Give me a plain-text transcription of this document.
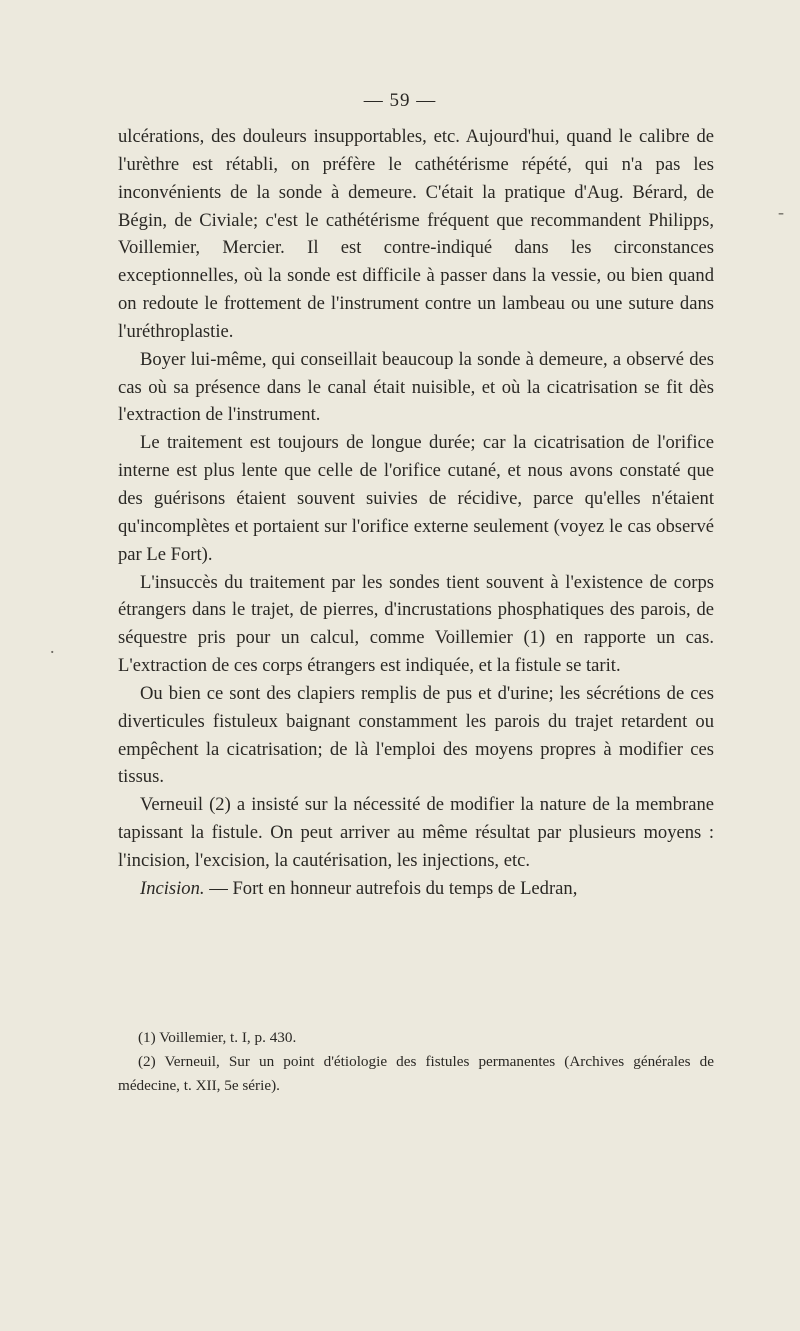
-
.
— 59 —

ulcérations, des douleurs insupportables, etc. Aujourd'hui, quand le calibre de l'urèthre est rétabli, on préfère le cathétérisme répété, qui n'a pas les inconvénients de la sonde à demeure. C'était la pratique d'Aug. Bérard, de Bégin, de Civiale; c'est le cathétérisme fréquent que recommandent Philipps, Voillemier, Mercier. Il est contre-indiqué dans les circonstances exceptionnelles, où la sonde est difficile à passer dans la vessie, ou bien quand on redoute le frottement de l'instrument contre un lambeau ou une suture dans l'uréthroplastie.

Boyer lui-même, qui conseillait beaucoup la sonde à demeure, a observé des cas où sa présence dans le canal était nuisible, et où la cicatrisation se fit dès l'extraction de l'instrument.

Le traitement est toujours de longue durée; car la cicatrisation de l'orifice interne est plus lente que celle de l'orifice cutané, et nous avons constaté que des guérisons étaient souvent suivies de récidive, parce qu'elles n'étaient qu'incomplètes et portaient sur l'orifice externe seulement (voyez le cas observé par Le Fort).

L'insuccès du traitement par les sondes tient souvent à l'existence de corps étrangers dans le trajet, de pierres, d'incrustations phosphatiques des parois, de séquestre pris pour un calcul, comme Voillemier (1) en rapporte un cas. L'extraction de ces corps étrangers est indiquée, et la fistule se tarit.

Ou bien ce sont des clapiers remplis de pus et d'urine; les sécrétions de ces diverticules fistuleux baignant constamment les parois du trajet retardent ou empêchent la cicatrisation; de là l'emploi des moyens propres à modifier ces tissus.

Verneuil (2) a insisté sur la nécessité de modifier la nature de la membrane tapissant la fistule. On peut arriver au même résultat par plusieurs moyens : l'incision, l'excision, la cautérisation, les injections, etc.

Incision. — Fort en honneur autrefois du temps de Ledran,

(1) Voillemier, t. I, p. 430.

(2) Verneuil, Sur un point d'étiologie des fistules permanentes (Archives générales de médecine, t. XII, 5e série).
